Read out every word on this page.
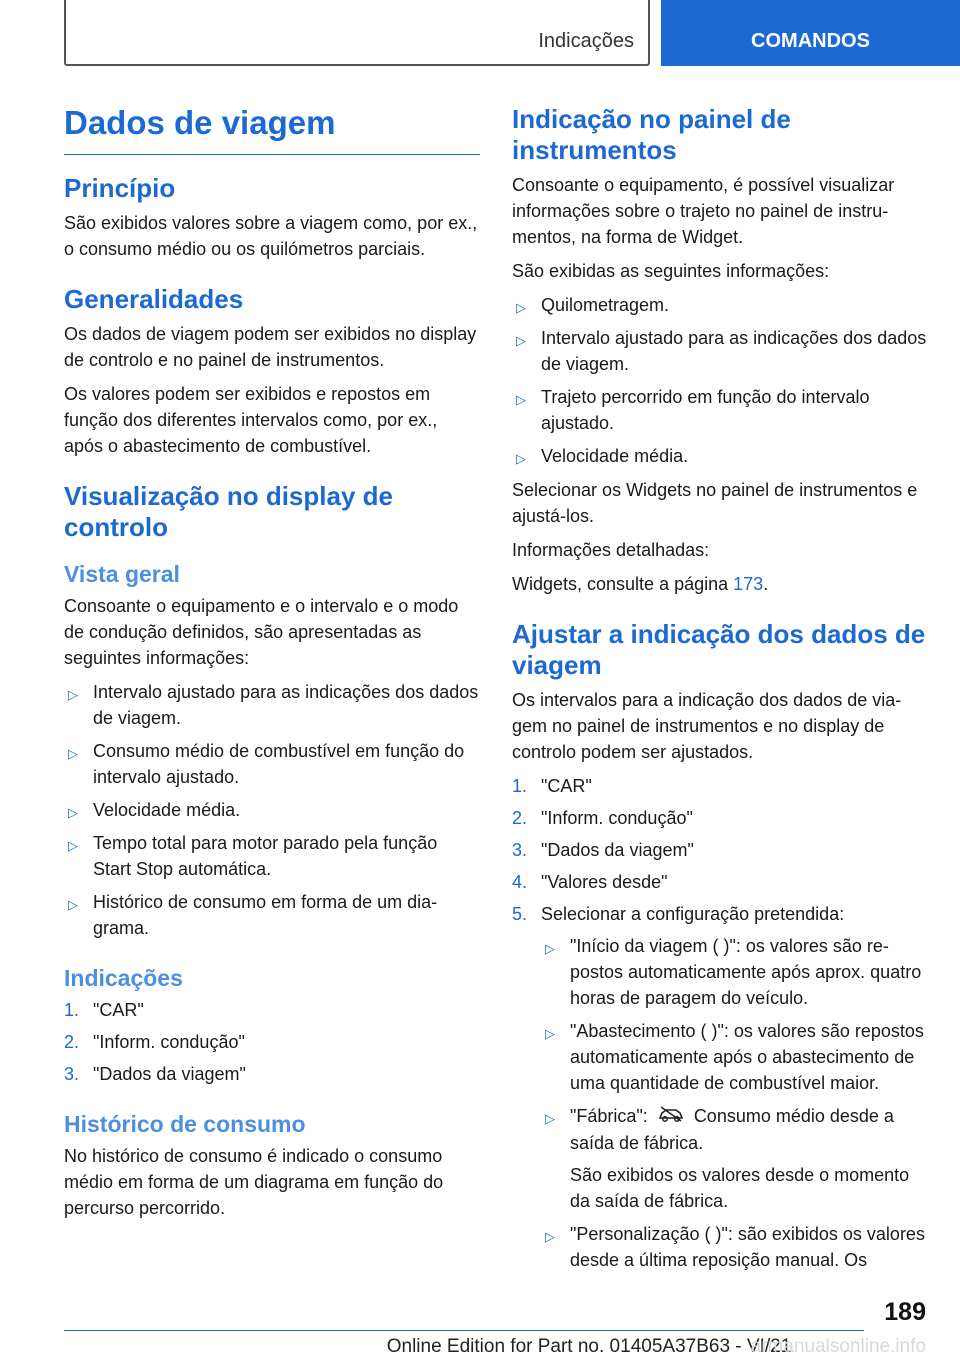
Indicações	COMANDOS
Dados de viagem
Princípio

São exibidos valores sobre a viagem como, por ex., o consumo médio ou os quilómetros parciais.

Generalidades

Os dados de viagem podem ser exibidos no display de controlo e no painel de instrumentos.

Os valores podem ser exibidos e repostos em função dos diferentes intervalos como, por ex., após o abastecimento de combustível.

Visualização no display de controlo
Vista geral

Consoante o equipamento e o intervalo e o modo de condução definidos, são apresentadas as seguintes informações:

▷ Intervalo ajustado para as indicações dos dados de viagem.
▷ Consumo médio de combustível em função do intervalo ajustado.
▷ Velocidade média.
▷ Tempo total para motor parado pela função Start Stop automática.
▷ Histórico de consumo em forma de um diagrama.
Indicações
1. "CAR"
2. "Inform. condução"
3. "Dados da viagem"
Histórico de consumo

No histórico de consumo é indicado o consumo médio em forma de um diagrama em função do percurso percorrido.

Indicação no painel de instrumentos

Consoante o equipamento, é possível visualizar informações sobre o trajeto no painel de instrumentos, na forma de Widget.

São exibidas as seguintes informações:

▷ Quilometragem.
▷ Intervalo ajustado para as indicações dos dados de viagem.
▷ Trajeto percorrido em função do intervalo ajustado.
▷ Velocidade média.

Selecionar os Widgets no painel de instrumentos e ajustá-los.

Informações detalhadas:

Widgets, consulte a página 173.

Ajustar a indicação dos dados de viagem

Os intervalos para a indicação dos dados de viagem no painel de instrumentos e no display de controlo podem ser ajustados.

1. "CAR"
2. "Inform. condução"
3. "Dados da viagem"
4. "Valores desde"
5. Selecionar a configuração pretendida:
▷ "Início da viagem ( )": os valores são repostos automaticamente após aprox. quatro horas de paragem do veículo.
▷ "Abastecimento ( )": os valores são repostos automaticamente após o abastecimento de uma quantidade de combustível maior.
▷ "Fábrica":	Consumo médio desde a saída de fábrica.

São exibidos os valores desde o momento da saída de fábrica.

▷ "Personalização ( )": são exibidos os valores desde a última reposição manual. Os
189
Online Edition for Part no. 01405A37B63 - VI/21
armanualsonline.info
